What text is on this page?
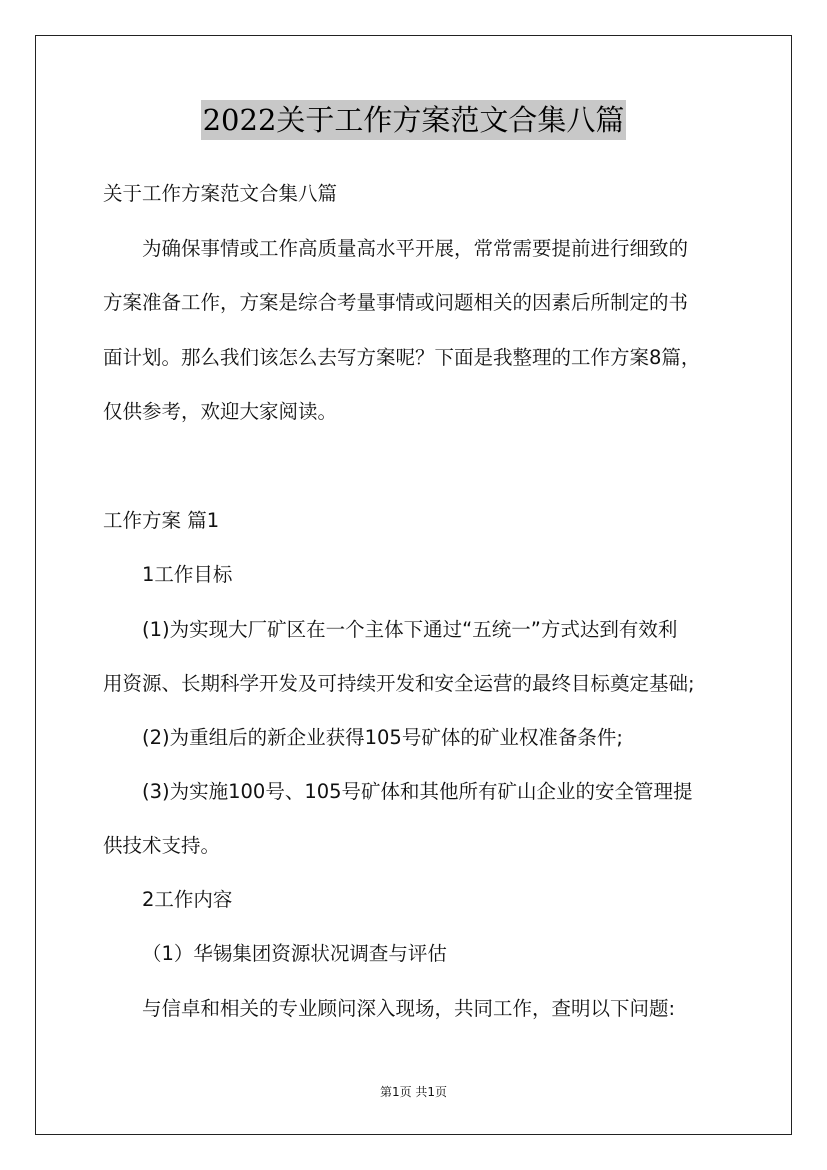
2022关于工作方案范文合集八篇
关于工作方案范文合集八篇
为确保事情或工作高质量高水平开展，常常需要提前进行细致的
方案准备工作，方案是综合考量事情或问题相关的因素后所制定的书
面计划。那么我们该怎么去写方案呢？下面是我整理的工作方案8篇，
仅供参考，欢迎大家阅读。
工作方案 篇1
1工作目标
(1)为实现大厂矿区在一个主体下通过“五统一”方式达到有效利
用资源、长期科学开发及可持续开发和安全运营的最终目标奠定基础;
(2)为重组后的新企业获得105号矿体的矿业权准备条件;
(3)为实施100号、105号矿体和其他所有矿山企业的安全管理提
供技术支持。
2工作内容
（1）华锡集团资源状况调查与评估
与信卓和相关的专业顾问深入现场，共同工作，查明以下问题:
第1页 共1页
